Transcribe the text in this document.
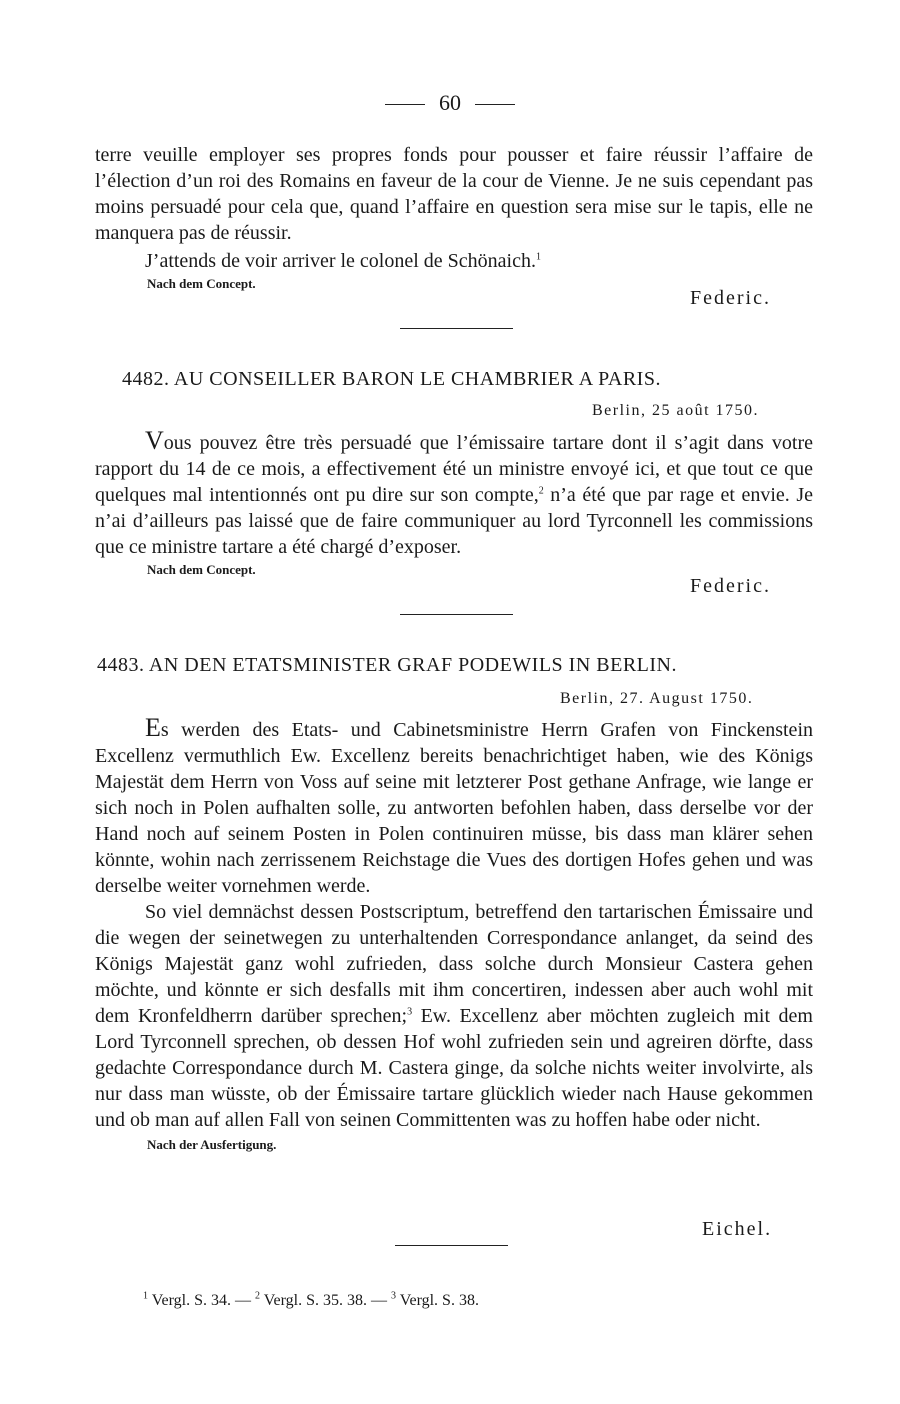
60

terre veuille employer ses propres fonds pour pousser et faire réussir l’affaire de l’élection d’un roi des Romains en faveur de la cour de Vienne. Je ne suis cependant pas moins persuadé pour cela que, quand l’affaire en question sera mise sur le tapis, elle ne manquera pas de réussir.

J’attends de voir arriver le colonel de Schönaich.$^1$

Nach dem Concept.
Federic.
4482. AU CONSEILLER BARON LE CHAMBRIER A PARIS.
Berlin, 25 août 1750.

Vous pouvez être très persuadé que l’émissaire tartare dont il s’agit dans votre rapport du 14 de ce mois, a effectivement été un ministre envoyé ici, et que tout ce que quelques mal intentionnés ont pu dire sur son compte,$^2$ n’a été que par rage et envie. Je n’ai d’ailleurs pas laissé que de faire communiquer au lord Tyrconnell les commissions que ce ministre tartare a été chargé d’exposer.

Nach dem Concept.
Federic.
4483. AN DEN ETATSMINISTER GRAF PODEWILS IN BERLIN.
Berlin, 27. August 1750.

Es werden des Etats- und Cabinetsministre Herrn Grafen von Finckenstein Excellenz vermuthlich Ew. Excellenz bereits benachrichtiget haben, wie des Königs Majestät dem Herrn von Voss auf seine mit letzterer Post gethane Anfrage, wie lange er sich noch in Polen aufhalten solle, zu antworten befohlen haben, dass derselbe vor der Hand noch auf seinem Posten in Polen continuiren müsse, bis dass man klärer sehen könnte, wohin nach zerrissenem Reichstage die Vues des dortigen Hofes gehen und was derselbe weiter vornehmen werde.

So viel demnächst dessen Postscriptum, betreffend den tartarischen Émissaire und die wegen der seinetwegen zu unterhaltenden Correspondance anlanget, da seind des Königs Majestät ganz wohl zufrieden, dass solche durch Monsieur Castera gehen möchte, und könnte er sich desfalls mit ihm concertiren, indessen aber auch wohl mit dem Kronfeldherrn darüber sprechen;$^3$ Ew. Excellenz aber möchten zugleich mit dem Lord Tyrconnell sprechen, ob dessen Hof wohl zufrieden sein und agreiren dörfte, dass gedachte Correspondance durch M. Castera ginge, da solche nichts weiter involvirte, als nur dass man wüsste, ob der Émissaire tartare glücklich wieder nach Hause gekommen und ob man auf allen Fall von seinen Committenten was zu hoffen habe oder nicht.

Nach der Ausfertigung.
Eichel.
$^1$ Vergl. S. 34. — $^2$ Vergl. S. 35. 38. — $^3$ Vergl. S. 38.
